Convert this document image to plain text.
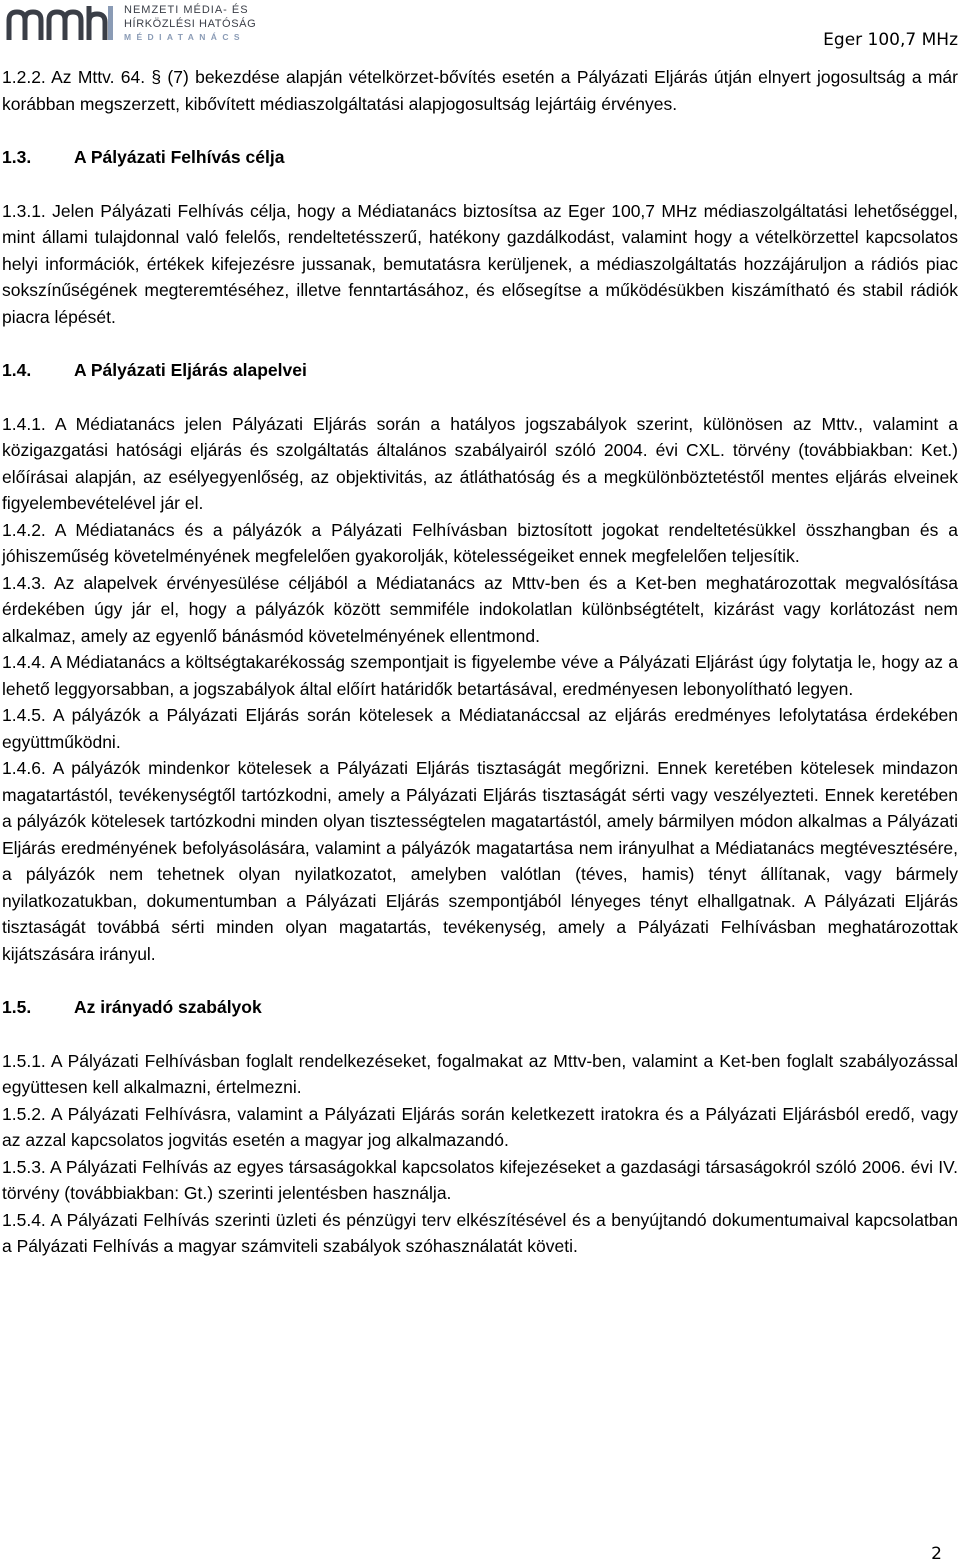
NEMZETI MÉDIA- ÉS
HÍRKÖZLÉSI HATÓSÁG
MÉDIATANÁCS	Eger 100,7 MHz

1.2.2. Az Mttv. 64. § (7) bekezdése alapján vételkörzet-bővítés esetén a Pályázati Eljárás útján elnyert jogosultság a már korábban megszerzett, kibővített médiaszolgáltatási alapjogosultság lejártáig érvényes.

1.3. A Pályázati Felhívás célja

1.3.1. Jelen Pályázati Felhívás célja, hogy a Médiatanács biztosítsa az Eger 100,7 MHz médiaszolgáltatási lehetőséggel, mint állami tulajdonnal való felelős, rendeltetésszerű, hatékony gazdálkodást, valamint hogy a vételkörzettel kapcsolatos helyi információk, értékek kifejezésre jussanak, bemutatásra kerüljenek, a médiaszolgáltatás hozzájáruljon a rádiós piac sokszínűségének megteremtéséhez, illetve fenntartásához, és elősegítse a működésükben kiszámítható és stabil rádiók piacra lépését.

1.4. A Pályázati Eljárás alapelvei

1.4.1. A Médiatanács jelen Pályázati Eljárás során a hatályos jogszabályok szerint, különösen az Mttv., valamint a közigazgatási hatósági eljárás és szolgáltatás általános szabályairól szóló 2004. évi CXL. törvény (továbbiakban: Ket.) előírásai alapján, az esélyegyenlőség, az objektivitás, az átláthatóság és a megkülönböztetéstől mentes eljárás elveinek figyelembevételével jár el.

1.4.2. A Médiatanács és a pályázók a Pályázati Felhívásban biztosított jogokat rendeltetésükkel összhangban és a jóhiszeműség követelményének megfelelően gyakorolják, kötelességeiket ennek megfelelően teljesítik.

1.4.3. Az alapelvek érvényesülése céljából a Médiatanács az Mttv-ben és a Ket-ben meghatározottak megvalósítása érdekében úgy jár el, hogy a pályázók között semmiféle indokolatlan különbségtételt, kizárást vagy korlátozást nem alkalmaz, amely az egyenlő bánásmód követelményének ellentmond.

1.4.4. A Médiatanács a költségtakarékosság szempontjait is figyelembe véve a Pályázati Eljárást úgy folytatja le, hogy az a lehető leggyorsabban, a jogszabályok által előírt határidők betartásával, eredményesen lebonyolítható legyen.

1.4.5. A pályázók a Pályázati Eljárás során kötelesek a Médiatanáccsal az eljárás eredményes lefolytatása érdekében együttműködni.

1.4.6. A pályázók mindenkor kötelesek a Pályázati Eljárás tisztaságát megőrizni. Ennek keretében kötelesek mindazon magatartástól, tevékenységtől tartózkodni, amely a Pályázati Eljárás tisztaságát sérti vagy veszélyezteti. Ennek keretében a pályázók kötelesek tartózkodni minden olyan tisztességtelen magatartástól, amely bármilyen módon alkalmas a Pályázati Eljárás eredményének befolyásolására, valamint a pályázók magatartása nem irányulhat a Médiatanács megtévesztésére, a pályázók nem tehetnek olyan nyilatkozatot, amelyben valótlan (téves, hamis) tényt állítanak, vagy bármely nyilatkozatukban, dokumentumban a Pályázati Eljárás szempontjából lényeges tényt elhallgatnak. A Pályázati Eljárás tisztaságát továbbá sérti minden olyan magatartás, tevékenység, amely a Pályázati Felhívásban meghatározottak kijátszására irányul.

1.5. Az irányadó szabályok

1.5.1. A Pályázati Felhívásban foglalt rendelkezéseket, fogalmakat az Mttv-ben, valamint a Ket-ben foglalt szabályozással együttesen kell alkalmazni, értelmezni.

1.5.2. A Pályázati Felhívásra, valamint a Pályázati Eljárás során keletkezett iratokra és a Pályázati Eljárásból eredő, vagy az azzal kapcsolatos jogvitás esetén a magyar jog alkalmazandó.

1.5.3. A Pályázati Felhívás az egyes társaságokkal kapcsolatos kifejezéseket a gazdasági társaságokról szóló 2006. évi IV. törvény (továbbiakban: Gt.) szerinti jelentésben használja.

1.5.4. A Pályázati Felhívás szerinti üzleti és pénzügyi terv elkészítésével és a benyújtandó dokumentumaival kapcsolatban a Pályázati Felhívás a magyar számviteli szabályok szóhasználatát követi.

2
